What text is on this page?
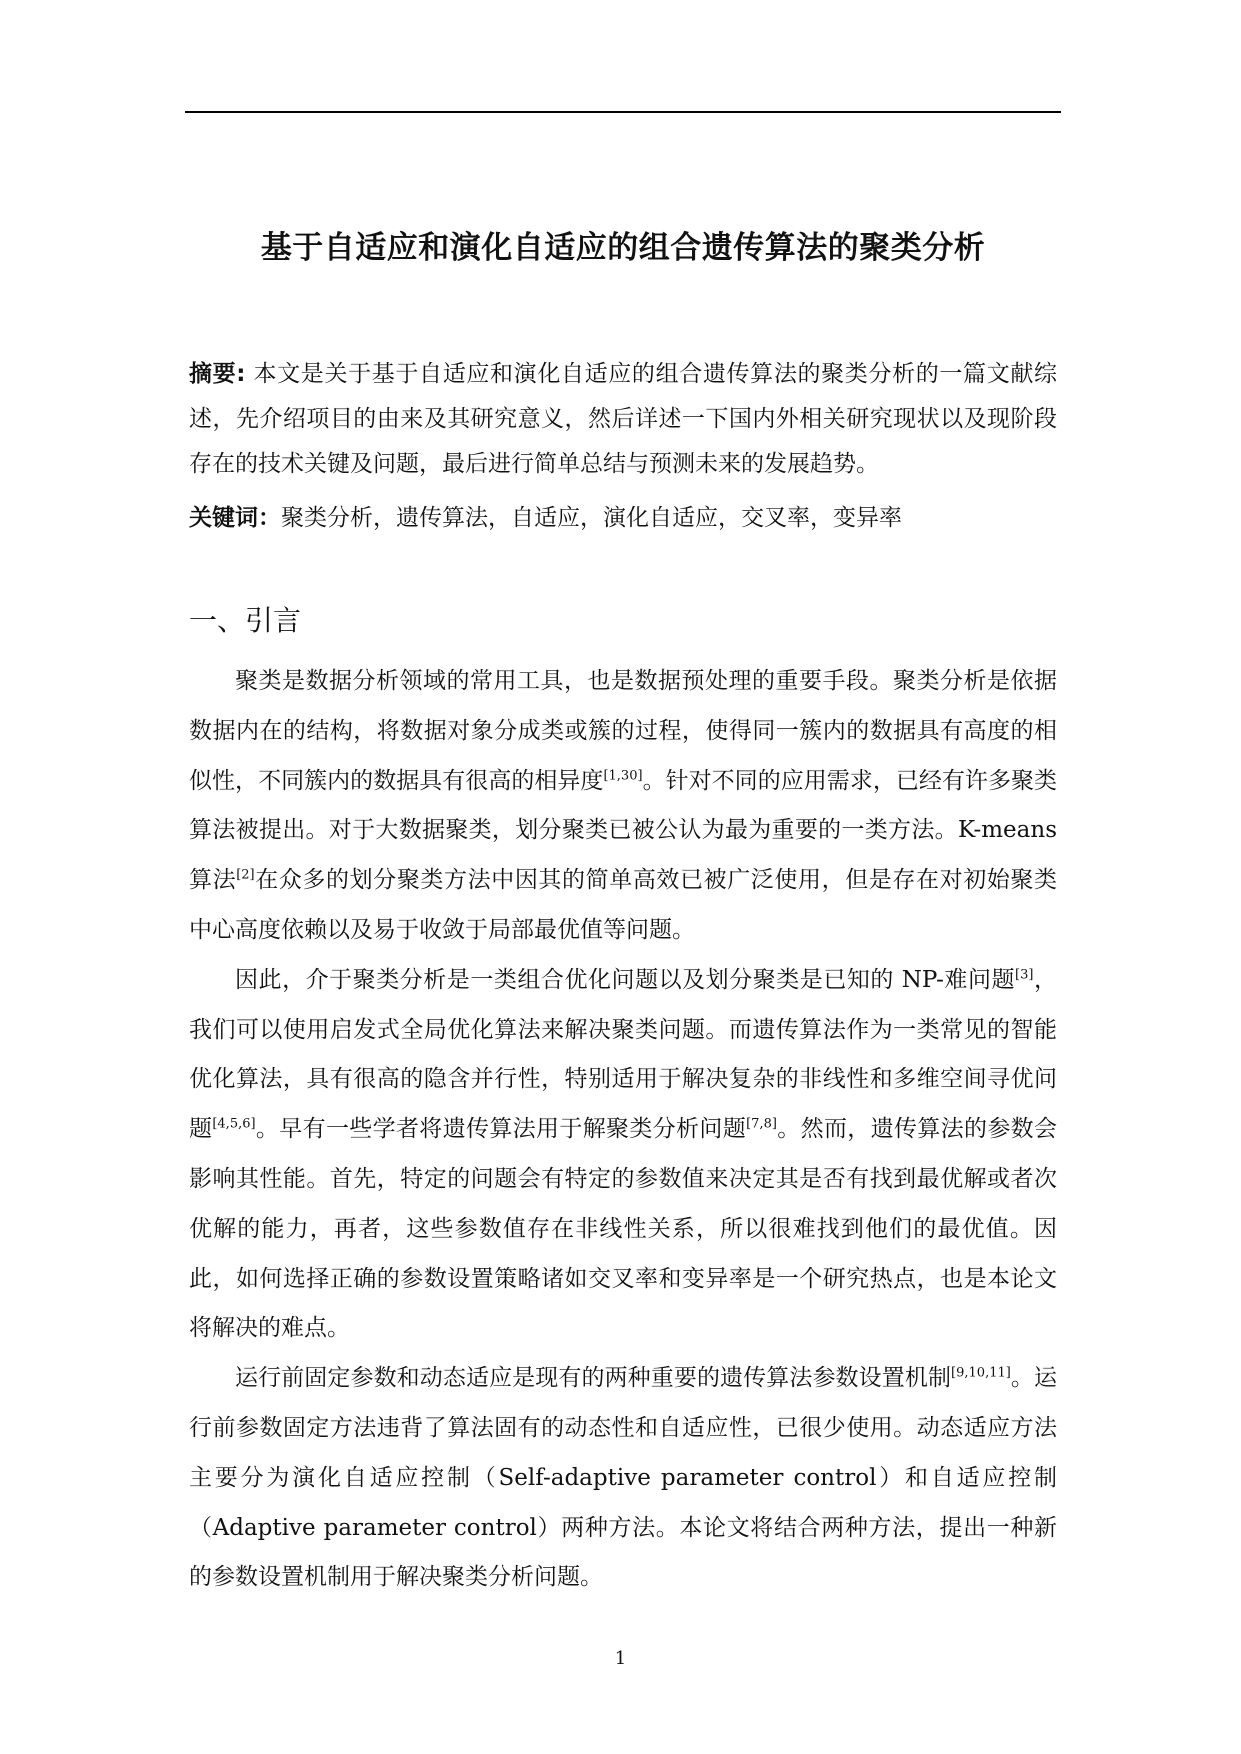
基于自适应和演化自适应的组合遗传算法的聚类分析

摘要: 本文是关于基于自适应和演化自适应的组合遗传算法的聚类分析的一篇文献综述，先介绍项目的由来及其研究意义，然后详述一下国内外相关研究现状以及现阶段存在的技术关键及问题，最后进行简单总结与预测未来的发展趋势。

关键词：聚类分析，遗传算法，自适应，演化自适应，交叉率，变异率

一、引言

聚类是数据分析领域的常用工具，也是数据预处理的重要手段。聚类分析是依据数据内在的结构，将数据对象分成类或簇的过程，使得同一簇内的数据具有高度的相似性，不同簇内的数据具有很高的相异度[1,30]。针对不同的应用需求，已经有许多聚类算法被提出。对于大数据聚类，划分聚类已被公认为最为重要的一类方法。K-means 算法[2]在众多的划分聚类方法中因其的简单高效已被广泛使用，但是存在对初始聚类中心高度依赖以及易于收敛于局部最优值等问题。

因此，介于聚类分析是一类组合优化问题以及划分聚类是已知的 NP-难问题[3]，我们可以使用启发式全局优化算法来解决聚类问题。而遗传算法作为一类常见的智能优化算法，具有很高的隐含并行性，特别适用于解决复杂的非线性和多维空间寻优问题[4,5,6]。早有一些学者将遗传算法用于解聚类分析问题[7,8]。然而，遗传算法的参数会影响其性能。首先，特定的问题会有特定的参数值来决定其是否有找到最优解或者次优解的能力，再者，这些参数值存在非线性关系，所以很难找到他们的最优值。因此，如何选择正确的参数设置策略诸如交叉率和变异率是一个研究热点，也是本论文将解决的难点。

运行前固定参数和动态适应是现有的两种重要的遗传算法参数设置机制[9,10,11]。运行前参数固定方法违背了算法固有的动态性和自适应性，已很少使用。动态适应方法主要分为演化自适应控制（Self-adaptive parameter control）和自适应控制（Adaptive parameter control）两种方法。本论文将结合两种方法，提出一种新的参数设置机制用于解决聚类分析问题。

1
